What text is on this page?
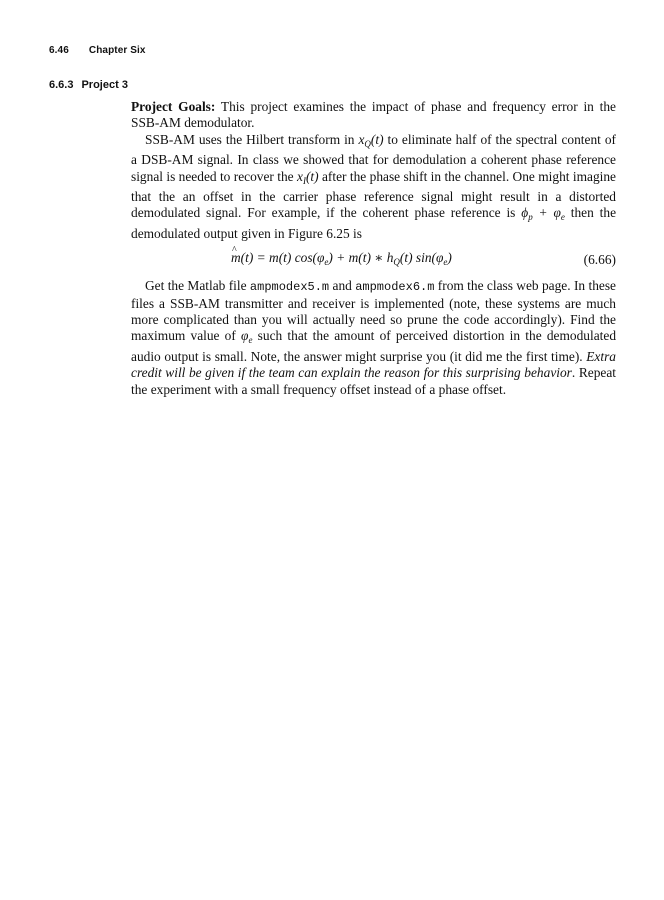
6.46 Chapter Six
6.6.3 Project 3

Project Goals: This project examines the impact of phase and frequency error in the SSB-AM demodulator.

SSB-AM uses the Hilbert transform in $x_Q(t)$ to eliminate half of the spectral content of a DSB-AM signal. In class we showed that for demodulation a coherent phase reference signal is needed to recover the $x_I(t)$ after the phase shift in the channel. One might imagine that the an offset in the carrier phase reference signal might result in a distorted demodulated signal. For example, if the coherent phase reference is $\phi_p + \varphi_e$ then the demodulated output given in Figure 6.25 is

^ m(t) = m(t) $\cos(\varphi_e) + m(t)$ ∗ $h_Q(t)$ $\sin(\varphi_e)$	(6.66)

Get the Matlab file ampmodex5.m and ampmodex6.m from the class web page. In these files a SSB-AM transmitter and receiver is implemented (note, these systems are much more complicated than you will actually need so prune the code accordingly). Find the maximum value of $\varphi_e$ such that the amount of perceived distortion in the demodulated audio output is small. Note, the answer might surprise you (it did me the first time). Extra credit will be given if the team can explain the reason for this surprising behavior. Repeat the experiment with a small frequency offset instead of a phase offset.
